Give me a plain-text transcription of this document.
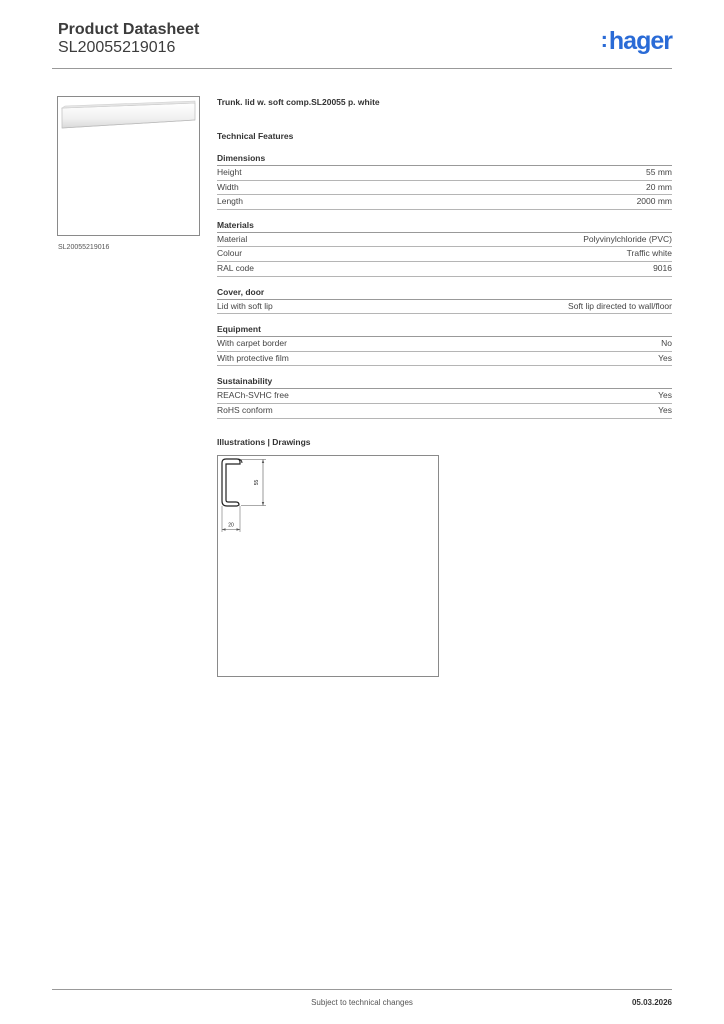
Product Datasheet
SL20055219016	:hager
SL20055219016
Trunk. lid w. soft comp.SL20055 p. white
Technical Features
Dimensions
Height	55 mm
Width	20 mm
Length	2000 mm
Materials
Material	Polyvinylchloride (PVC)
Colour	Traffic white
RAL code	9016
Cover, door
Lid with soft lip	Soft lip directed to wall/floor
Equipment
With carpet border	No
With protective film	Yes
Sustainability
REACh-SVHC free	Yes
RoHS conform	Yes
Illustrations | Drawings
55
20
Subject to technical changes	05.03.2026
